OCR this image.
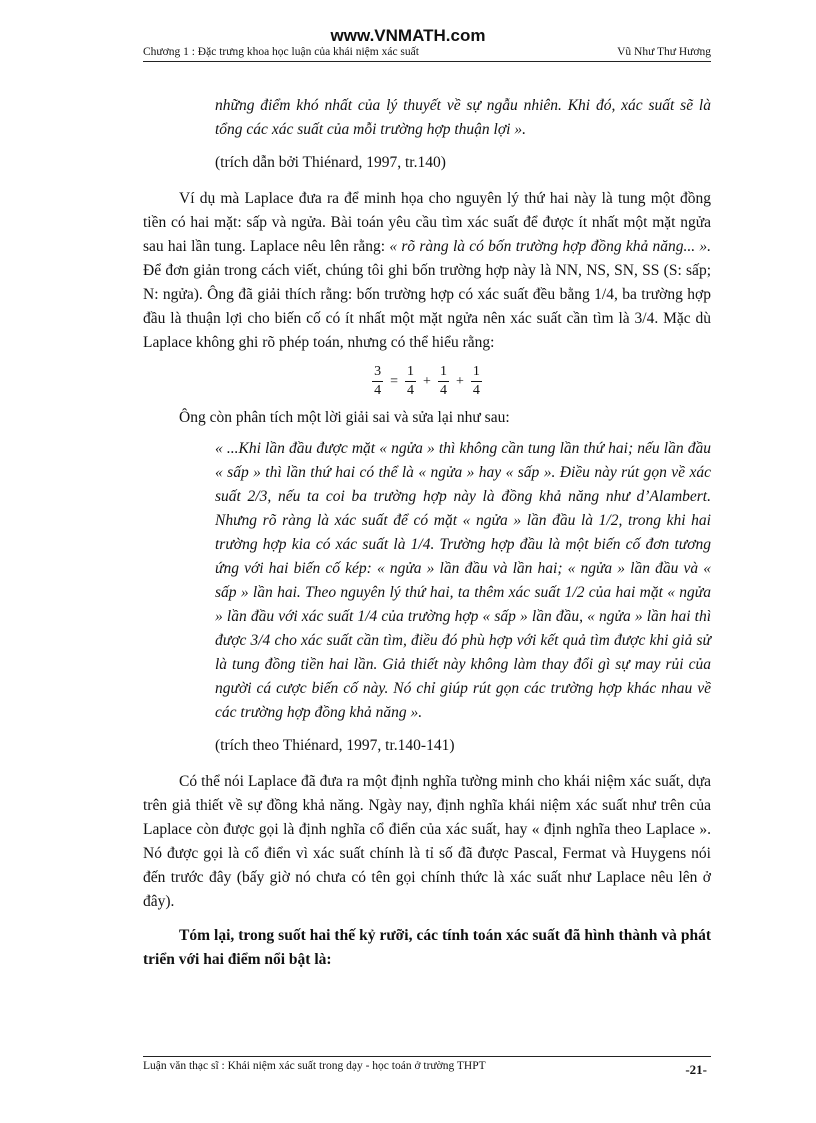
www.VNMATH.com
Chương 1 : Đặc trưng khoa học luận của khái niệm xác suất	Vũ Như Thư Hương

những điểm khó nhất của lý thuyết về sự ngẫu nhiên. Khi đó, xác suất sẽ là tổng các xác suất của mỗi trường hợp thuận lợi ».

(trích dẫn bởi Thiénard, 1997, tr.140)

Ví dụ mà Laplace đưa ra để minh họa cho nguyên lý thứ hai này là tung một đồng tiền có hai mặt: sấp và ngửa. Bài toán yêu cầu tìm xác suất để được ít nhất một mặt ngửa sau hai lần tung. Laplace nêu lên rằng: « rõ ràng là có bốn trường hợp đồng khả năng... ». Để đơn giản trong cách viết, chúng tôi ghi bốn trường hợp này là NN, NS, SN, SS (S: sấp; N: ngửa). Ông đã giải thích rằng: bốn trường hợp có xác suất đều bằng 1/4, ba trường hợp đầu là thuận lợi cho biến cố có ít nhất một mặt ngửa nên xác suất cần tìm là 3/4. Mặc dù Laplace không ghi rõ phép toán, nhưng có thể hiểu rằng:

$\frac{3}{4} = \frac{1}{4} + \frac{1}{4} + \frac{1}{4}$

Ông còn phân tích một lời giải sai và sửa lại như sau:

« ...Khi lần đầu được mặt « ngửa » thì không cần tung lần thứ hai; nếu lần đầu « sấp » thì lần thứ hai có thể là « ngửa » hay « sấp ». Điều này rút gọn về xác suất 2/3, nếu ta coi ba trường hợp này là đồng khả năng như d’Alambert. Nhưng rõ ràng là xác suất để có mặt « ngửa » lần đầu là 1/2, trong khi hai trường hợp kia có xác suất là 1/4. Trường hợp đầu là một biến cố đơn tương ứng với hai biến cố kép: « ngửa » lần đầu và lần hai; « ngửa » lần đầu và « sấp » lần hai. Theo nguyên lý thứ hai, ta thêm xác suất 1/2 của hai mặt « ngửa » lần đầu với xác suất 1/4 của trường hợp « sấp » lần đầu, « ngửa » lần hai thì được 3/4 cho xác suất cần tìm, điều đó phù hợp với kết quả tìm được khi giả sử là tung đồng tiền hai lần. Giả thiết này không làm thay đổi gì sự may rủi của người cá cược biến cố này. Nó chỉ giúp rút gọn các trường hợp khác nhau về các trường hợp đồng khả năng ».

(trích theo Thiénard, 1997, tr.140-141)

Có thể nói Laplace đã đưa ra một định nghĩa tường minh cho khái niệm xác suất, dựa trên giả thiết về sự đồng khả năng. Ngày nay, định nghĩa khái niệm xác suất như trên của Laplace còn được gọi là định nghĩa cổ điển của xác suất, hay « định nghĩa theo Laplace ». Nó được gọi là cổ điển vì xác suất chính là tỉ số đã được Pascal, Fermat và Huygens nói đến trước đây (bấy giờ nó chưa có tên gọi chính thức là xác suất như Laplace nêu lên ở đây).

Tóm lại, trong suốt hai thế kỷ rưỡi, các tính toán xác suất đã hình thành và phát triển với hai điểm nổi bật là:

Luận văn thạc sĩ : Khái niệm xác suất trong dạy - học toán ở trường THPT	-21-
